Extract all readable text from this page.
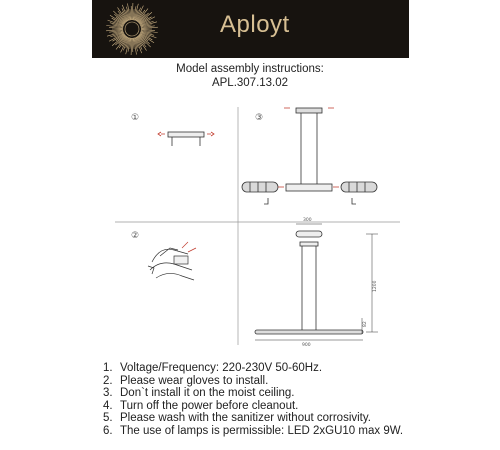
Aployt
Model assembly instructions:
APL.307.13.02
①	③
②
300
1200
82
900
1. Voltage/Frequency: 220-230V 50-60Hz.
2. Please wear gloves to install.
3. Don`t install it on the moist ceiling.
4. Turn off the power before cleanout.
5. Please wash with the sanitizer without corrosivity.
6. The use of lamps is permissible: LED 2xGU10 max 9W.
